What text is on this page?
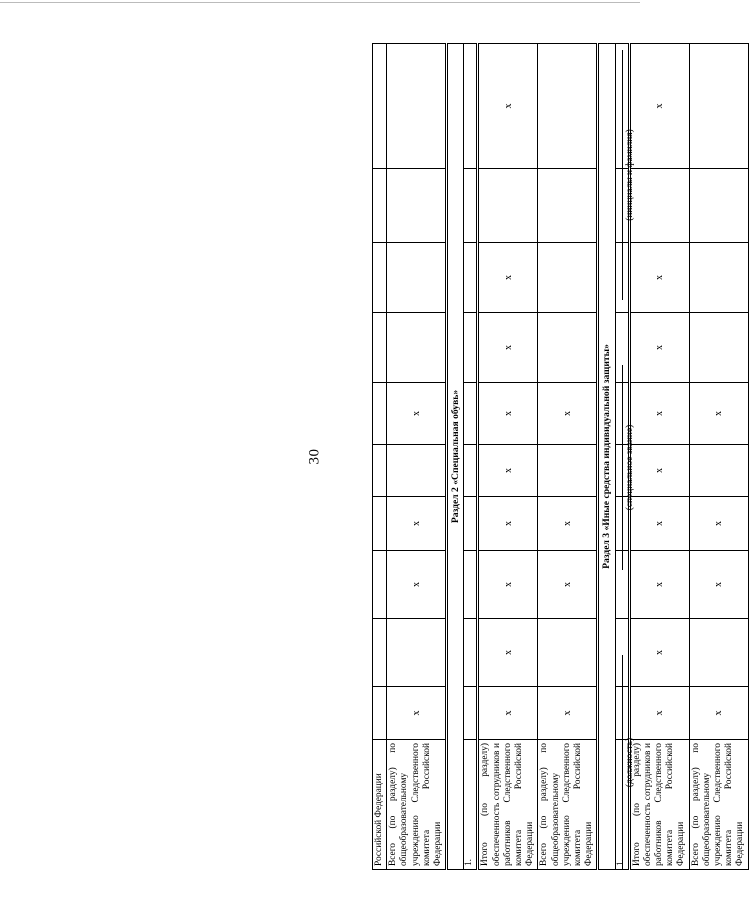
30
Российской Федерации										
Всего (по разделу) по общеобразовательному учреждению Следственного комитета Российской Федерации	x		x	x		x				
Раздел 2 «Специальная обувь»										
1.										
Итого (по разделу) обеспеченность сотрудников и работников Следственного комитета Российской Федерации	x	x	x	x	x	x	x	x		x
Всего (по разделу) по общеобразовательному учреждению Следственного комитета Российской Федерации	x		x	x		x				
Раздел 3 «Иные средства индивидуальной защиты»										
1.										
Итого (по разделу) обеспеченность сотрудников и работников Следственного комитета Российской Федерации	x	x	x	x	x	x	x	x		x
Всего (по разделу) по общеобразовательному учреждению Следственного комитета Российской Федерации	x		x	x		x				
(должность)
(специальное звание)
(инициалы и фамилия)
